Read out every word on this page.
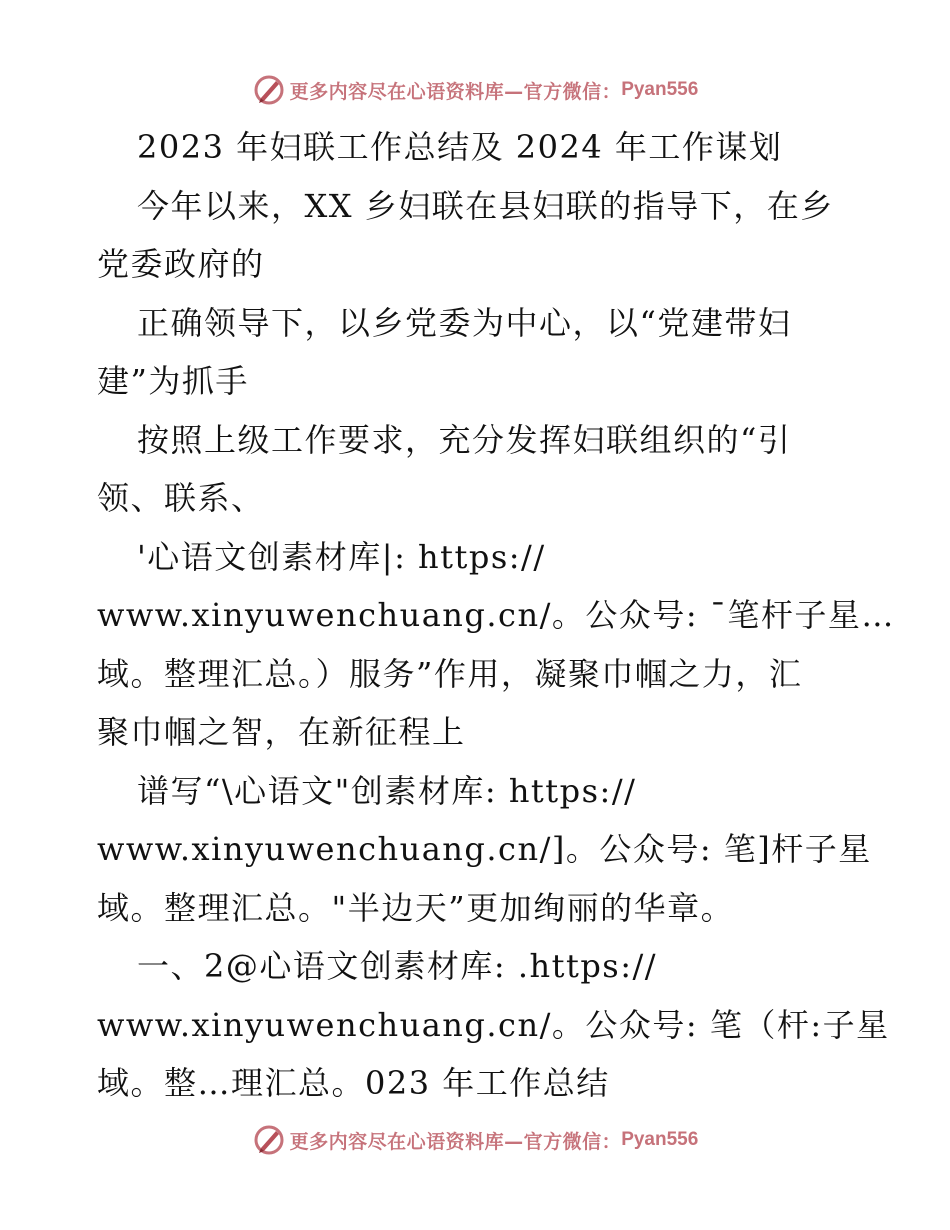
更多内容尽在心语资料库—官方微信： Pyan556
2023 年妇联工作总结及 2024 年工作谋划
今年以来，XX 乡妇联在县妇联的指导下，在乡
党委政府的
正确领导下，以乡党委为中心，以“党建带妇
建”为抓手
按照上级工作要求，充分发挥妇联组织的“引
领、联系、
'心语文创素材库|: https://
www.xinyuwenchuang.cn/。公众号: ¯笔杆子星…
域。整理汇总。）服务”作用，凝聚巾帼之力，汇
聚巾帼之智，在新征程上
谱写“\心语文"创素材库: https://
www.xinyuwenchuang.cn/]。公众号: 笔]杆子星
域。整理汇总。"半边天”更加绚丽的华章。
一、2@心语文创素材库: .https://
www.xinyuwenchuang.cn/。公众号: 笔（杆:子星
域。整…理汇总。023 年工作总结
更多内容尽在心语资料库—官方微信： Pyan556
